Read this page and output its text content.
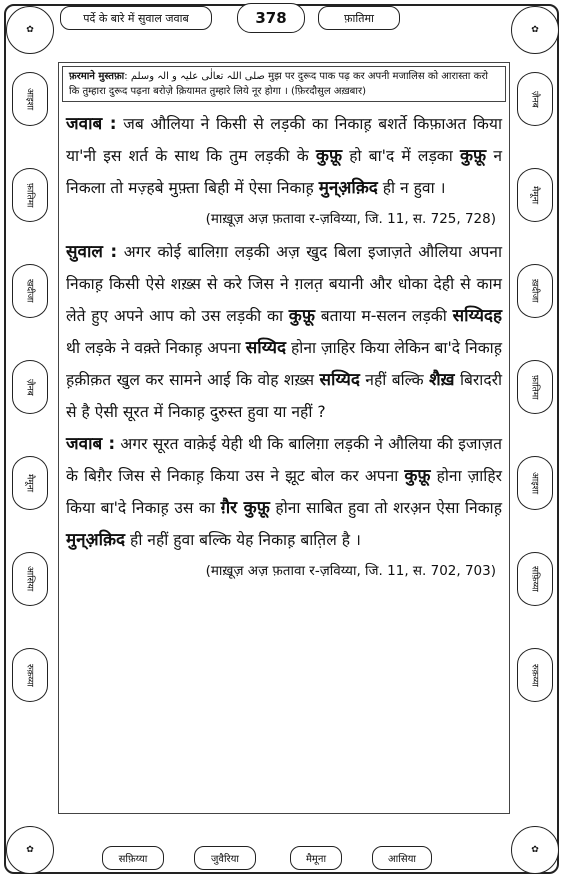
पर्दे के बारे में सुवाल जवाब	378	फ़ातिमा
✿	✿
✿	✿
आइशा
फ़ातिमा
खदीजा
ज़ैनब
मैमूना
आसिया
रुक़य्या
ज़ैनब
मैमूना
ख़दीजा
फ़ातिमा
आइशा
सफ़िय्या
रुक़य्या
फ़रमाने मुस्तफ़ा: صلی اللہ تعالٰی علیہ و الہ وسلم मुझ पर दुरूद पाक पढ़ कर अपनी मजालिस को आरास्ता करो कि तुम्हारा दुरूद पढ़ना बरोज़े क़ियामत तुम्हारे लिये नूर होगा । (फ़िरदौसुल अख़बार)

जवाब : जब औलिया ने किसी से लड़की का निकाह़ बशर्ते किफ़ाअत किया या'नी इस शर्त के साथ कि तुम लड़की के कुफ़ू हो बा'द में लड़का कुफ़ू न निकला तो मज़्हबे मुफ़्ता बिही में ऐसा निकाह़ मुन्अ़क़िद ही न हुवा ।

(माख़ूज़ अज़ फ़तावा र-ज़विय्या, जि. 11, स. 725, 728)

सुवाल : अगर कोई बालिग़ा लड़की अज़ खुद बिला इजाज़ते औलिया अपना निकाह़ किसी ऐसे शख़्स से करे जिस ने ग़लत़ बयानी और धोका देही से काम लेते हुए अपने आप को उस लड़की का कुफ़ू बताया म-सलन लड़की सय्यिदह थी लड़के ने वक़्ते निकाह़ अपना सय्यिद होना ज़ाहिर किया लेकिन बा'दे निकाह़ ह़क़ीक़त खुल कर सामने आई कि वोह शख़्स सय्यिद नहीं बल्कि शैख़ बिरादरी से है ऐसी सूरत में निकाह़ दुरुस्त हुवा या नहीं ?

जवाब : अगर सूरत वाक़ेई येही थी कि बालिग़ा लड़की ने औलिया की इजाज़त के बिग़ैर जिस से निकाह़ किया उस ने झूट बोल कर अपना कुफ़ू होना ज़ाहिर किया बा'दे निकाह़ उस का ग़ैर कुफ़ू होना साबित हुवा तो शरअ़न ऐसा निकाह़ मुन्अ़क़िद ही नहीं हुवा बल्कि येह निकाह़ बात़िल है ।

(माख़ूज़ अज़ फ़तावा र-ज़विय्या, जि. 11, स. 702, 703)
सफ़िय्या	जुवैरिया	मैमूना	आसिया
